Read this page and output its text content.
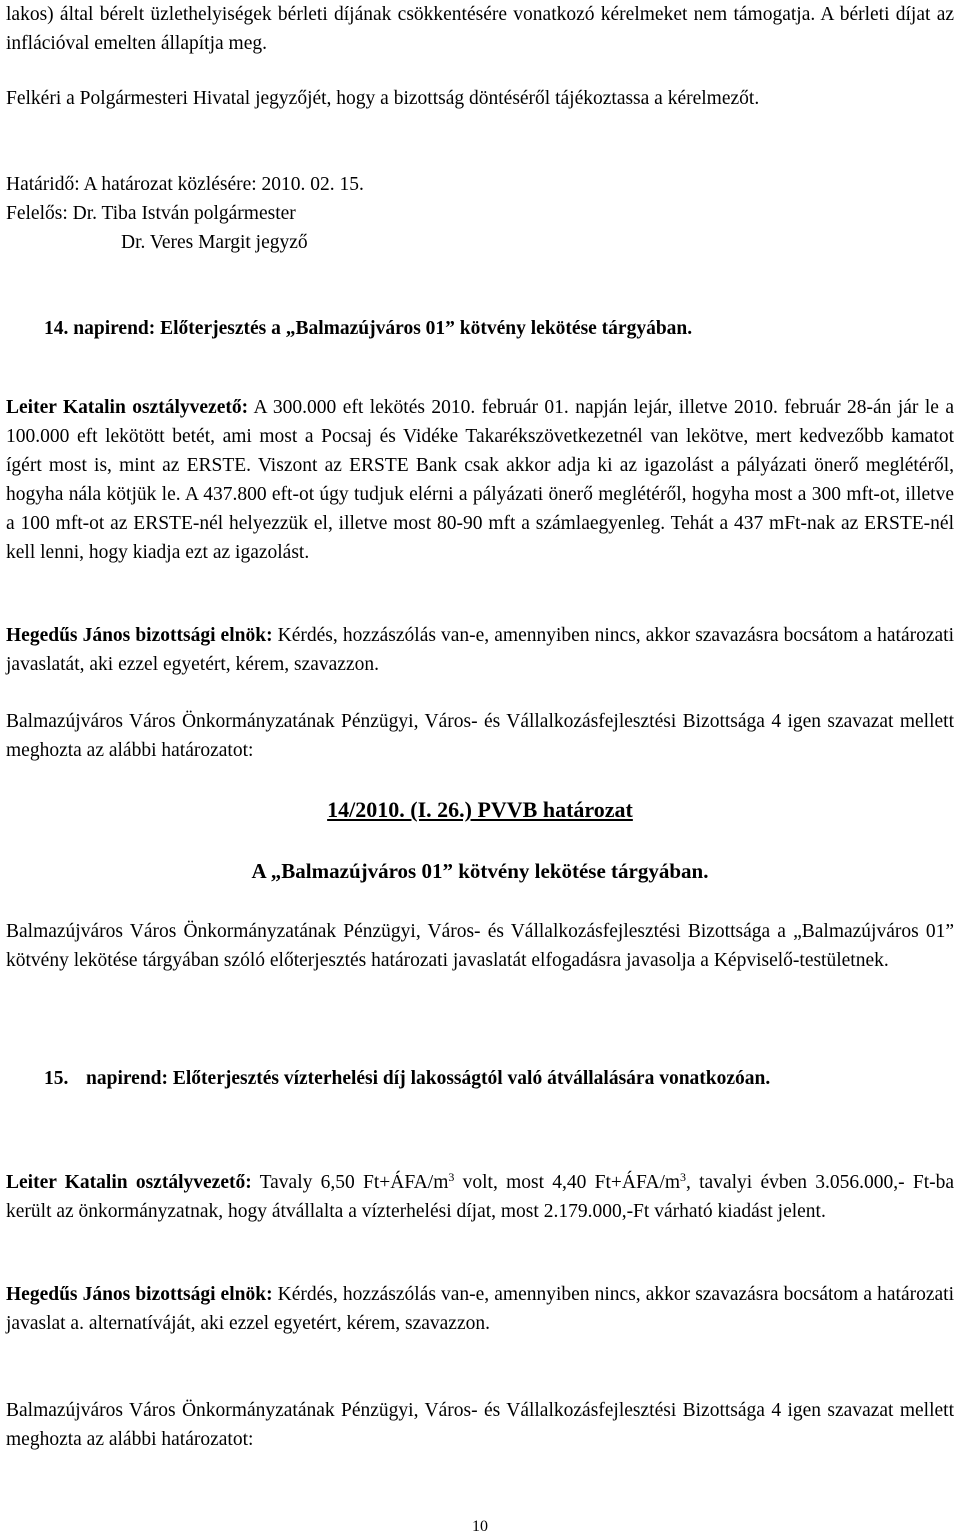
lakos) által bérelt üzlethelyiségek bérleti díjának csökkentésére vonatkozó kérelmeket nem támogatja. A bérleti díjat az inflációval emelten állapítja meg.

Felkéri a Polgármesteri Hivatal jegyzőjét, hogy a bizottság döntéséről tájékoztassa a kérelmezőt.

Határidő: A határozat közlésére: 2010. 02. 15.

Felelős: Dr. Tiba István polgármester

Dr. Veres Margit jegyző

14. napirend: Előterjesztés a „Balmazújváros 01” kötvény lekötése tárgyában.

Leiter Katalin osztályvezető: A 300.000 eft lekötés 2010. február 01. napján lejár, illetve 2010. február 28-án jár le a 100.000 eft lekötött betét, ami most a Pocsaj és Vidéke Takarékszövetkezetnél van lekötve, mert kedvezőbb kamatot ígért most is, mint az ERSTE. Viszont az ERSTE Bank csak akkor adja ki az igazolást a pályázati önerő meglétéről, hogyha nála kötjük le. A 437.800 eft-ot úgy tudjuk elérni a pályázati önerő meglétéről, hogyha most a 300 mft-ot, illetve a 100 mft-ot az ERSTE-nél helyezzük el, illetve most 80-90 mft a számlaegyenleg. Tehát a 437 mFt-nak az ERSTE-nél kell lenni, hogy kiadja ezt az igazolást.

Hegedűs János bizottsági elnök: Kérdés, hozzászólás van-e, amennyiben nincs, akkor szavazásra bocsátom a határozati javaslatát, aki ezzel egyetért, kérem, szavazzon.

Balmazújváros Város Önkormányzatának Pénzügyi, Város- és Vállalkozásfejlesztési Bizottsága 4 igen szavazat mellett meghozta az alábbi határozatot:

14/2010. (I. 26.) PVVB határozat

A „Balmazújváros 01” kötvény lekötése tárgyában.

Balmazújváros Város Önkormányzatának Pénzügyi, Város- és Vállalkozásfejlesztési Bizottsága a „Balmazújváros 01” kötvény lekötése tárgyában szóló előterjesztés határozati javaslatát elfogadásra javasolja a Képviselő-testületnek.

15. napirend: Előterjesztés vízterhelési díj lakosságtól való átvállalására vonatkozóan.

Leiter Katalin osztályvezető: Tavaly 6,50 $Ft+ÁFA/m^3$ volt, most 4,40 $Ft+ÁFA/m^3$, tavalyi évben 3.056.000,- Ft-ba került az önkormányzatnak, hogy átvállalta a vízterhelési díjat, most 2.179.000,-Ft várható kiadást jelent.

Hegedűs János bizottsági elnök: Kérdés, hozzászólás van-e, amennyiben nincs, akkor szavazásra bocsátom a határozati javaslat a. alternatíváját, aki ezzel egyetért, kérem, szavazzon.

Balmazújváros Város Önkormányzatának Pénzügyi, Város- és Vállalkozásfejlesztési Bizottsága 4 igen szavazat mellett meghozta az alábbi határozatot:

10
